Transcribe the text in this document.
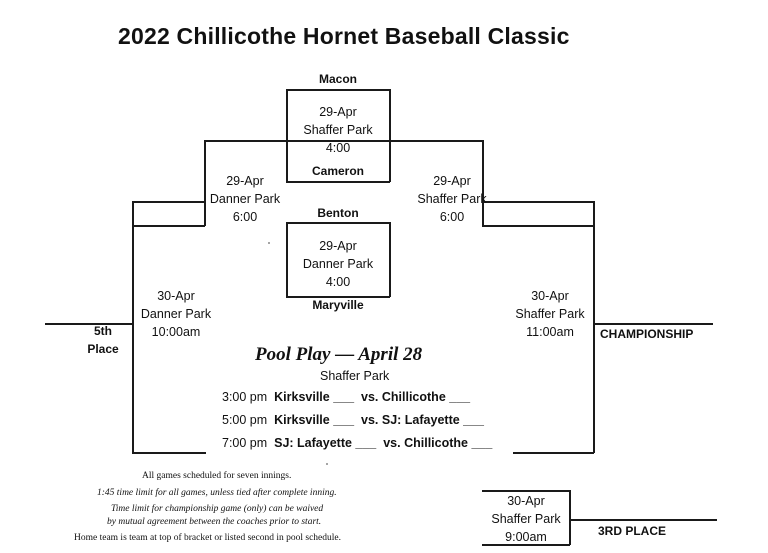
2022 Chillicothe Hornet Baseball Classic
Macon
Cameron
Benton
Maryville
29-Apr
Shaffer Park
4:00
29-Apr
Danner Park
4:00
29-Apr
Danner Park
6:00
29-Apr
Shaffer Park
6:00
30-Apr
Danner Park
10:00am
30-Apr
Shaffer Park
11:00am
30-Apr
Shaffer Park
9:00am
5th
Place
CHAMPIONSHIP
3RD PLACE
Pool Play — April 28
Shaffer Park
3:00 pm Kirksville ___ vs. Chillicothe ___
5:00 pm Kirksville ___ vs. SJ: Lafayette ___
7:00 pm SJ: Lafayette ___ vs. Chillicothe ___
All games scheduled for seven innings.
1:45 time limit for all games, unless tied after complete inning.
Time limit for championship game (only) can be waived
by mutual agreement between the coaches prior to start.
Home team is team at top of bracket or listed second in pool schedule.
